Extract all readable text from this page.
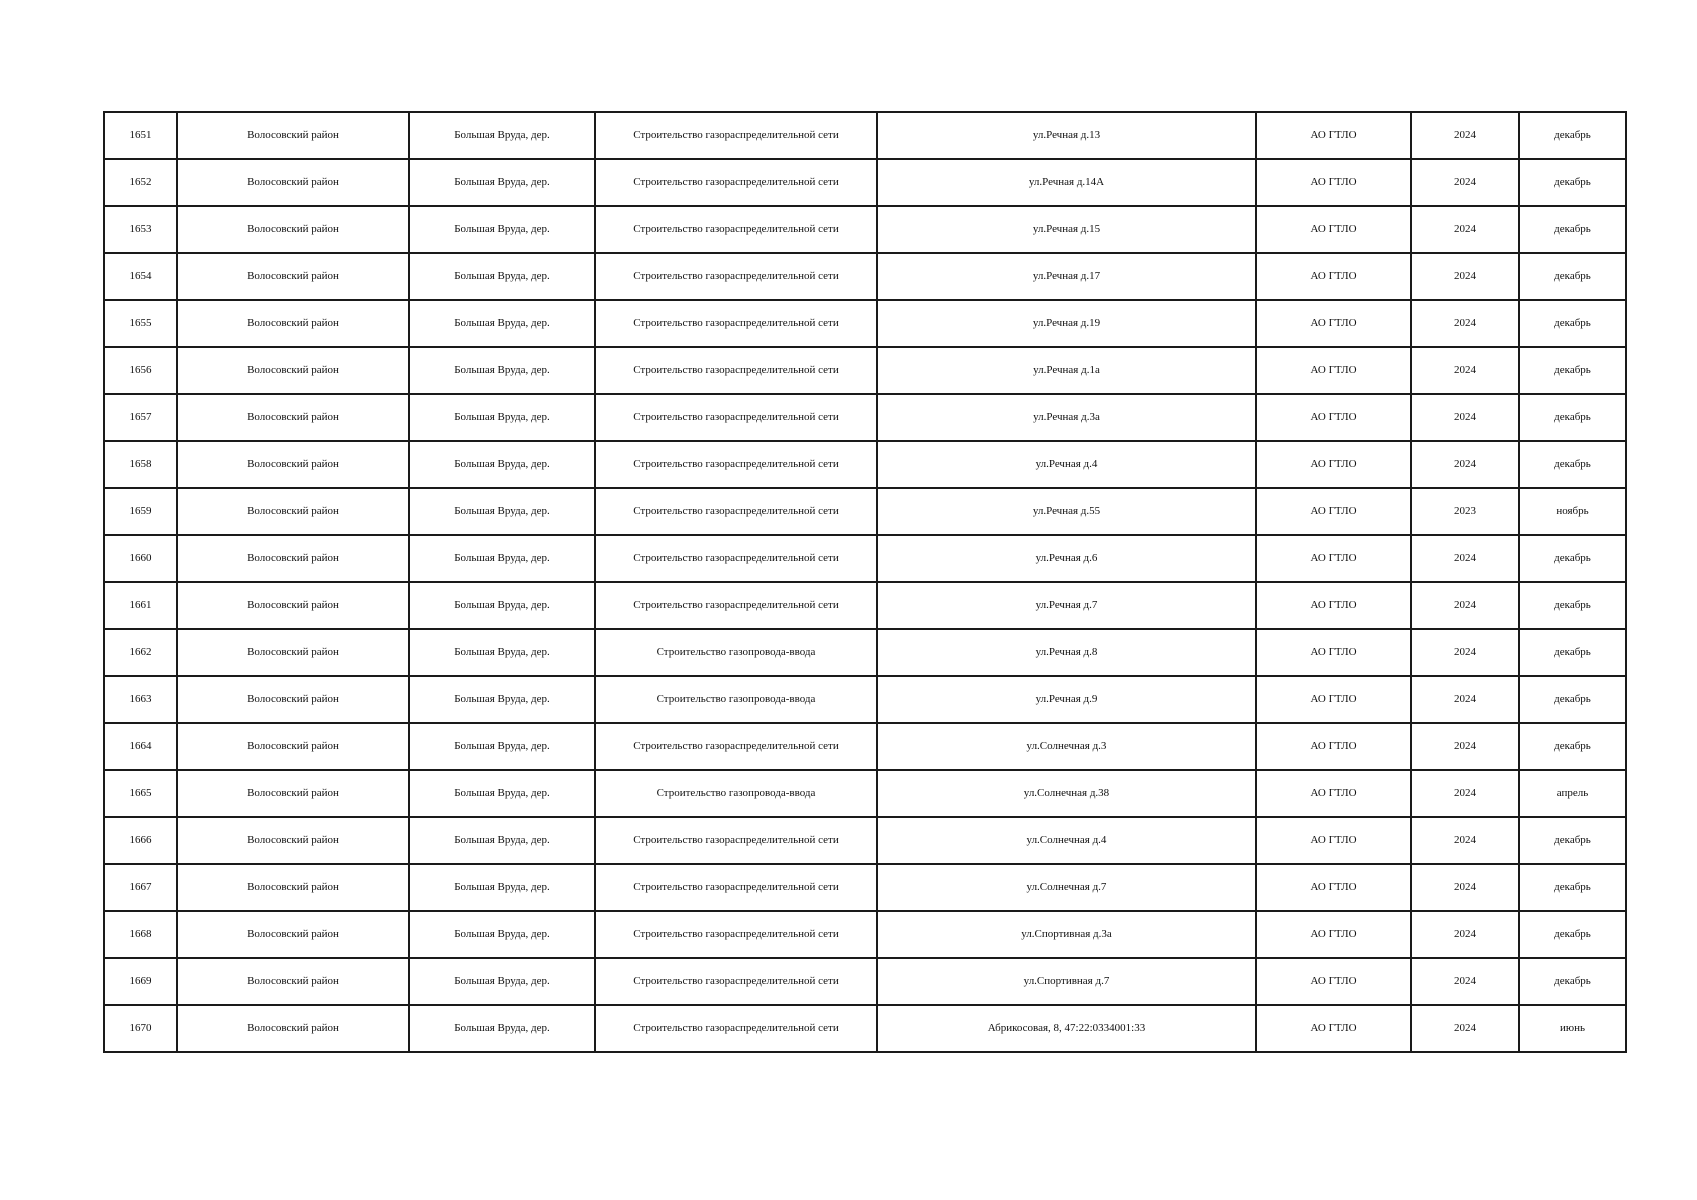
1651	Волосовский район	Большая Вруда, дер.	Строительство газораспределительной сети	ул.Речная д.13	АО ГТЛО	2024	декабрь
1652	Волосовский район	Большая Вруда, дер.	Строительство газораспределительной сети	ул.Речная д.14А	АО ГТЛО	2024	декабрь
1653	Волосовский район	Большая Вруда, дер.	Строительство газораспределительной сети	ул.Речная д.15	АО ГТЛО	2024	декабрь
1654	Волосовский район	Большая Вруда, дер.	Строительство газораспределительной сети	ул.Речная д.17	АО ГТЛО	2024	декабрь
1655	Волосовский район	Большая Вруда, дер.	Строительство газораспределительной сети	ул.Речная д.19	АО ГТЛО	2024	декабрь
1656	Волосовский район	Большая Вруда, дер.	Строительство газораспределительной сети	ул.Речная д.1а	АО ГТЛО	2024	декабрь
1657	Волосовский район	Большая Вруда, дер.	Строительство газораспределительной сети	ул.Речная д.3а	АО ГТЛО	2024	декабрь
1658	Волосовский район	Большая Вруда, дер.	Строительство газораспределительной сети	ул.Речная д.4	АО ГТЛО	2024	декабрь
1659	Волосовский район	Большая Вруда, дер.	Строительство газораспределительной сети	ул.Речная д.55	АО ГТЛО	2023	ноябрь
1660	Волосовский район	Большая Вруда, дер.	Строительство газораспределительной сети	ул.Речная д.6	АО ГТЛО	2024	декабрь
1661	Волосовский район	Большая Вруда, дер.	Строительство газораспределительной сети	ул.Речная д.7	АО ГТЛО	2024	декабрь
1662	Волосовский район	Большая Вруда, дер.	Строительство газопровода-ввода	ул.Речная д.8	АО ГТЛО	2024	декабрь
1663	Волосовский район	Большая Вруда, дер.	Строительство газопровода-ввода	ул.Речная д.9	АО ГТЛО	2024	декабрь
1664	Волосовский район	Большая Вруда, дер.	Строительство газораспределительной сети	ул.Солнечная д.3	АО ГТЛО	2024	декабрь
1665	Волосовский район	Большая Вруда, дер.	Строительство газопровода-ввода	ул.Солнечная д.38	АО ГТЛО	2024	апрель
1666	Волосовский район	Большая Вруда, дер.	Строительство газораспределительной сети	ул.Солнечная д.4	АО ГТЛО	2024	декабрь
1667	Волосовский район	Большая Вруда, дер.	Строительство газораспределительной сети	ул.Солнечная д.7	АО ГТЛО	2024	декабрь
1668	Волосовский район	Большая Вруда, дер.	Строительство газораспределительной сети	ул.Спортивная д.3а	АО ГТЛО	2024	декабрь
1669	Волосовский район	Большая Вруда, дер.	Строительство газораспределительной сети	ул.Спортивная д.7	АО ГТЛО	2024	декабрь
1670	Волосовский район	Большая Вруда, дер.	Строительство газораспределительной сети	Абрикосовая, 8, 47:22:0334001:33	АО ГТЛО	2024	июнь
